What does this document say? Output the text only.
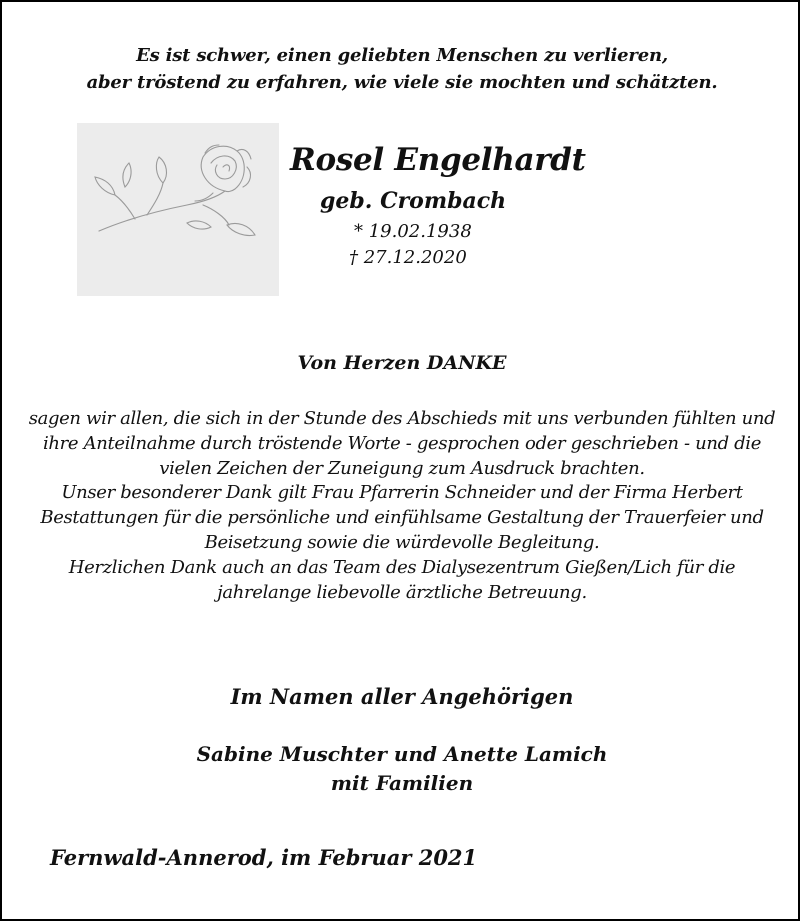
Es ist schwer, einen geliebten Menschen zu verlieren,
aber tröstend zu erfahren, wie viele sie mochten und schätzten.
Rosel Engelhardt
geb. Crombach
* 19.02.1938
† 27.12.2020
Von Herzen DANKE
sagen wir allen, die sich in der Stunde des Abschieds mit uns verbunden fühlten und
ihre Anteilnahme durch tröstende Worte - gesprochen oder geschrieben - und die
vielen Zeichen der Zuneigung zum Ausdruck brachten.
Unser besonderer Dank gilt Frau Pfarrerin Schneider und der Firma Herbert
Bestattungen für die persönliche und einfühlsame Gestaltung der Trauerfeier und
Beisetzung sowie die würdevolle Begleitung.
Herzlichen Dank auch an das Team des Dialysezentrum Gießen/Lich für die
jahrelange liebevolle ärztliche Betreuung.
Im Namen aller Angehörigen
Sabine Muschter und Anette Lamich
mit Familien
Fernwald-Annerod, im Februar 2021
